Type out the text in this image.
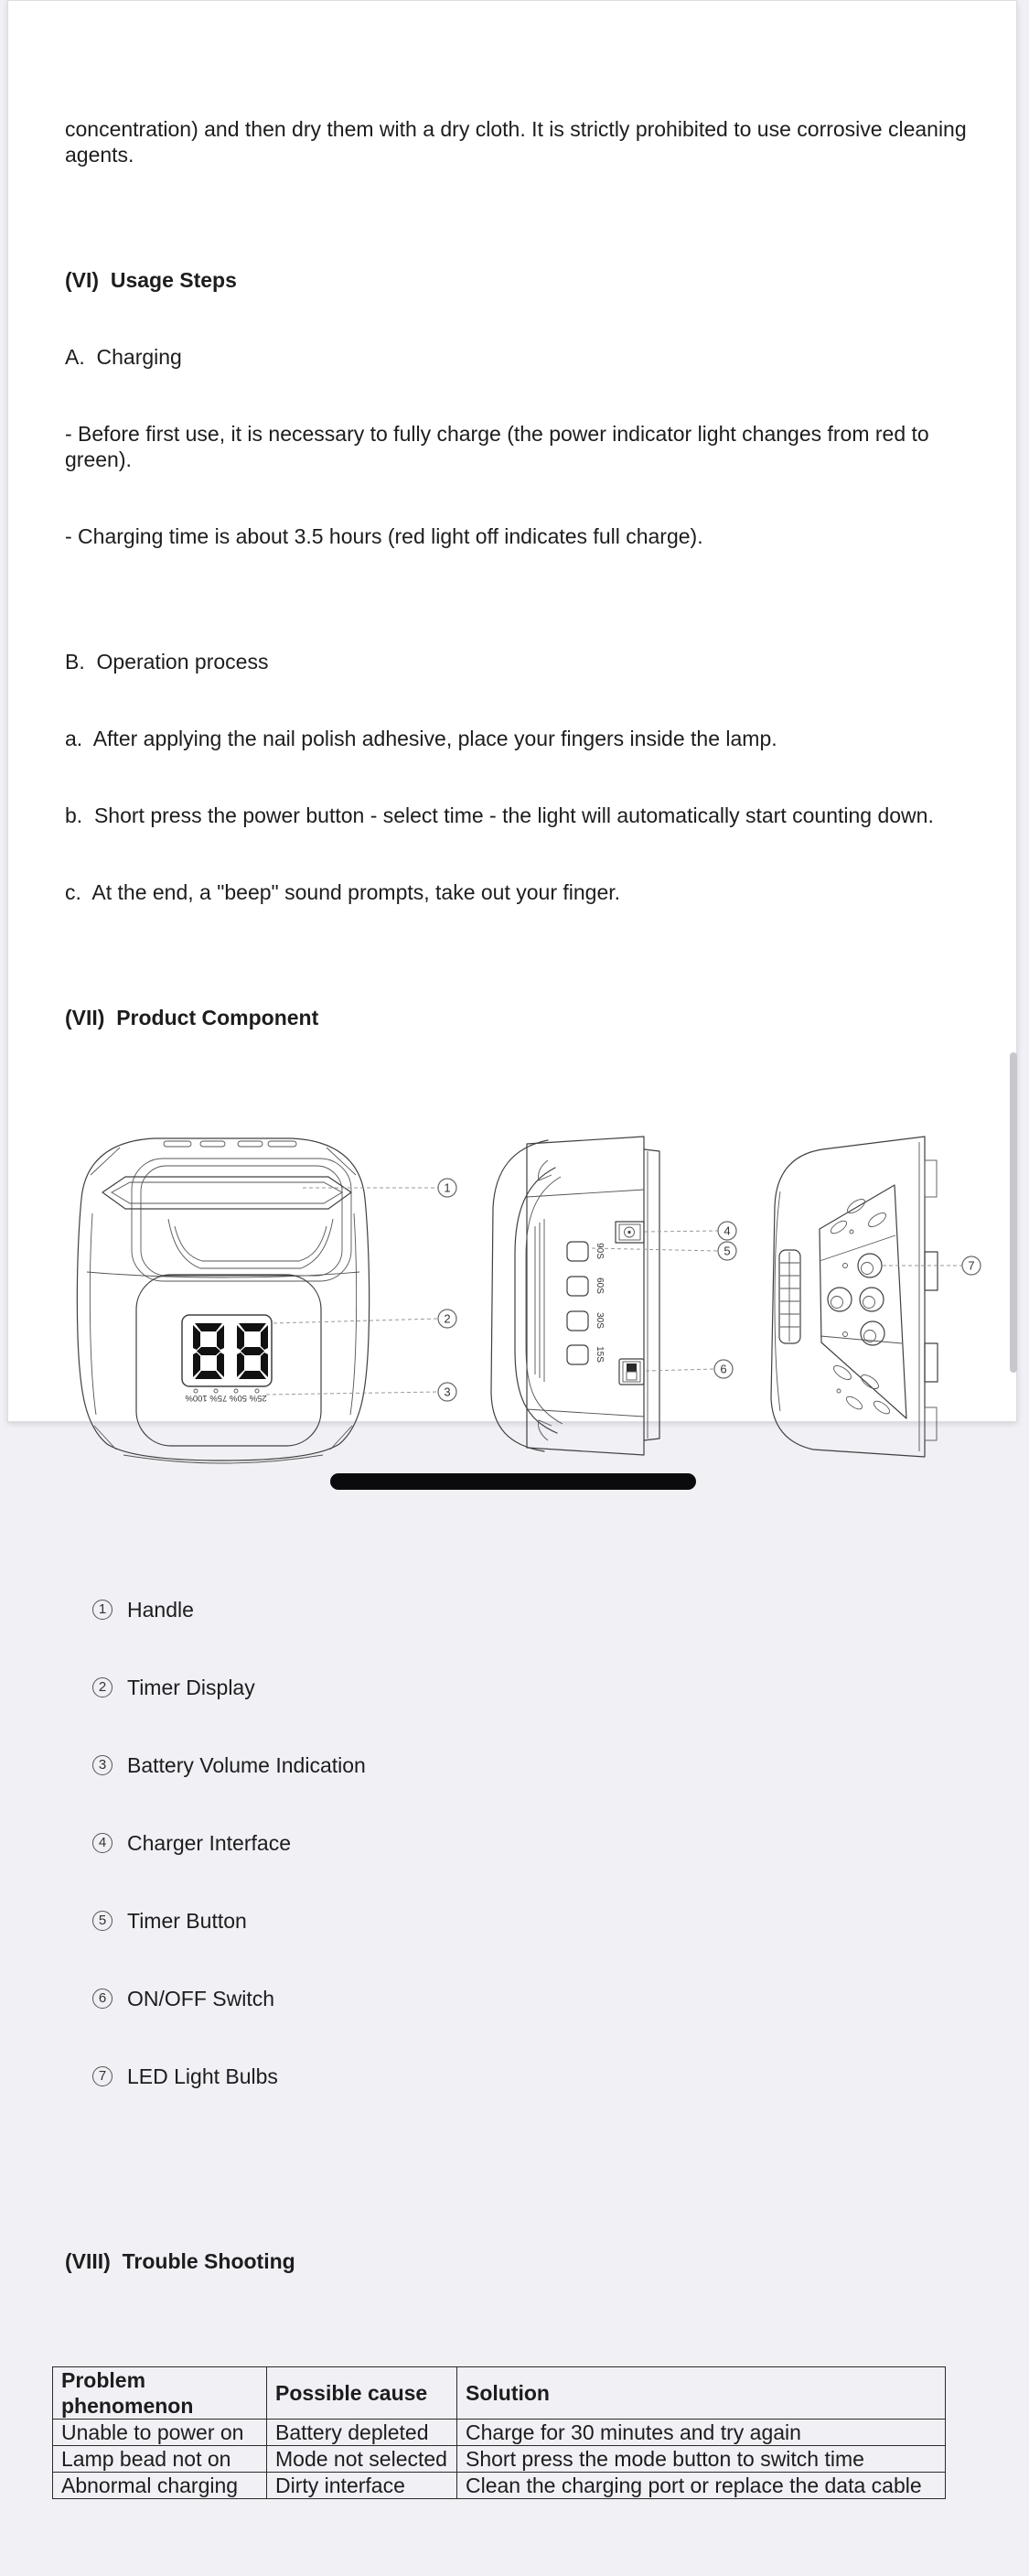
concentration) and then dry them with a dry cloth. It is strictly prohibited to use corrosive cleaning agents.

(VI)  Usage Steps

A.  Charging

- Before first use, it is necessary to fully charge (the power indicator light changes from red to green).

- Charging time is about 3.5 hours (red light off indicates full charge).

B.  Operation process

a.  After applying the nail polish adhesive, place your fingers inside the lamp.

b.  Short press the power button - select time - the light will automatically start counting down.

c.  At the end, a "beep" sound prompts, take out your finger.

(VII)  Product Component

25% 50% 75% 100%
1
2
3

90S
60S
30S
15S
4
5
6

7

1 Handle

2 Timer Display

3 Battery Volume Indication

4 Charger Interface

5 Timer Button

6 ON/OFF Switch

7 LED Light Bulbs

(VIII)  Trouble Shooting

Problem phenomenon	Possible cause	Solution
Unable to power on	Battery depleted	Charge for 30 minutes and try again
Lamp bead not on	Mode not selected	Short press the mode button to switch time
Abnormal charging	Dirty interface	Clean the charging port or replace the data cable
